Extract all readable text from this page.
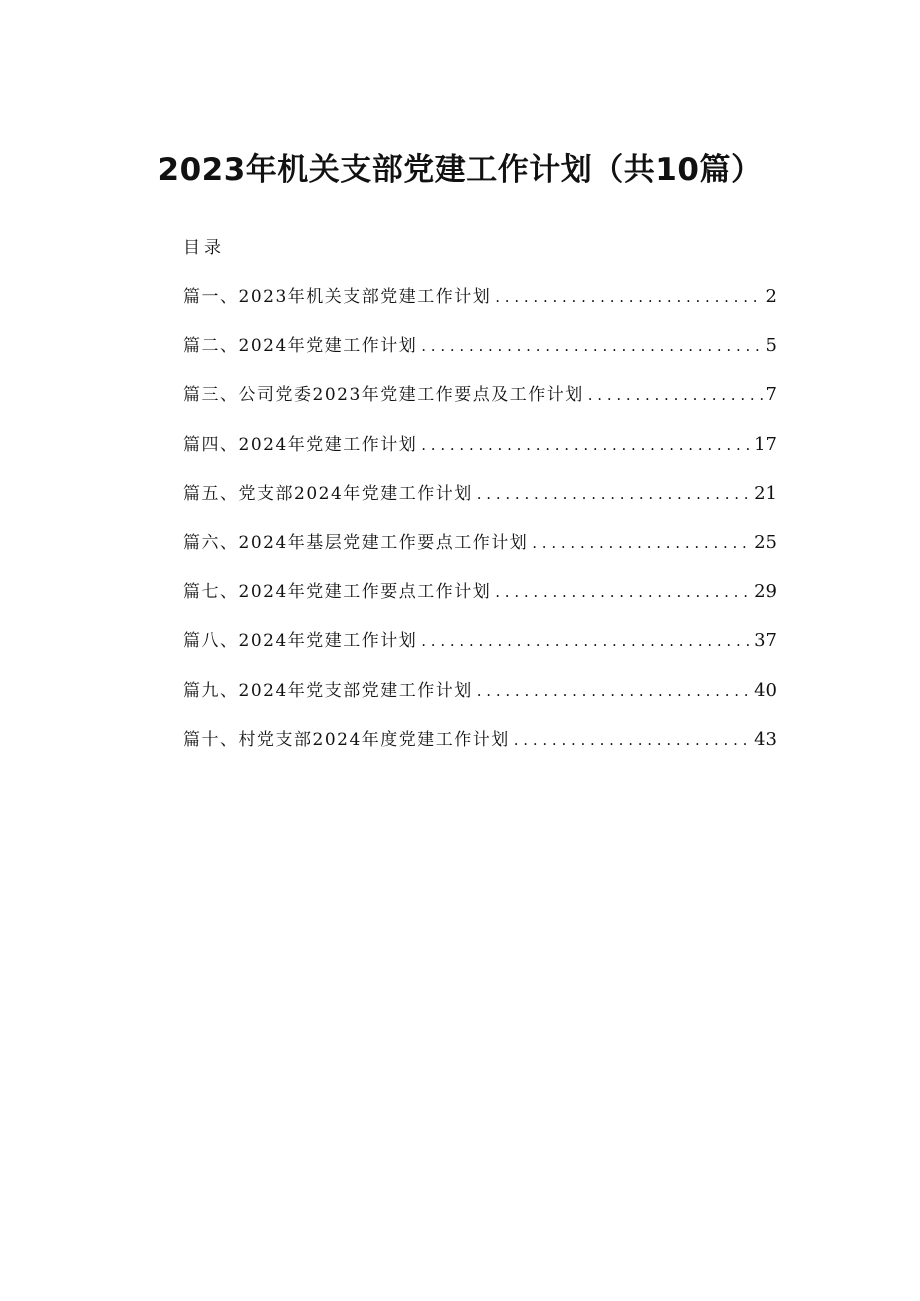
2023年机关支部党建工作计划（共10篇）
目录
篇一、2023年机关支部党建工作计划 . . .	2
篇二、2024年党建工作计划 . . .	5
篇三、公司党委2023年党建工作要点及工作计划 . . .	7
篇四、2024年党建工作计划 . . .	17
篇五、党支部2024年党建工作计划 . . .	21
篇六、2024年基层党建工作要点工作计划 . . .	25
篇七、2024年党建工作要点工作计划 . . .	29
篇八、2024年党建工作计划 . . .	37
篇九、2024年党支部党建工作计划 . . .	40
篇十、村党支部2024年度党建工作计划 . . .	43
